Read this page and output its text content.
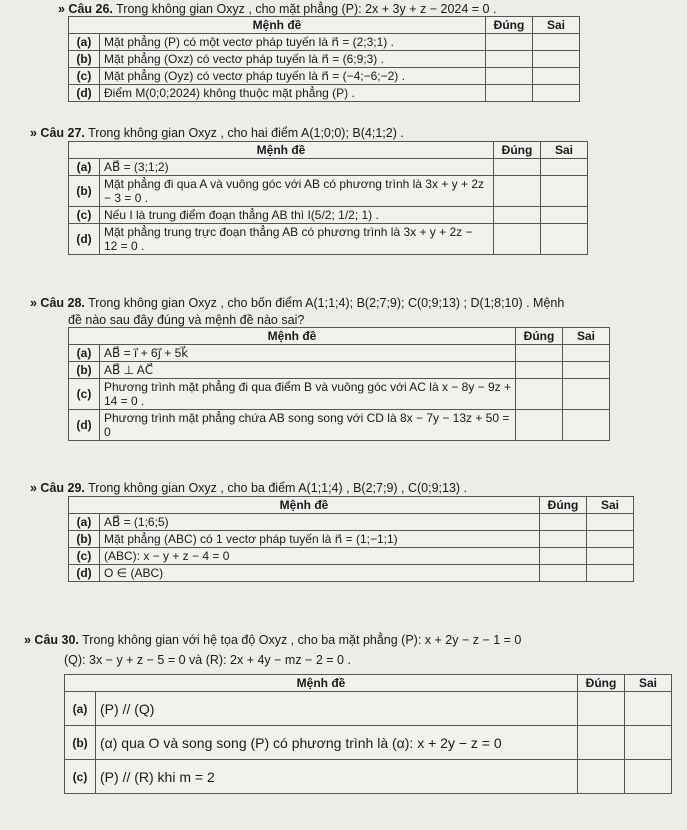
» Câu 26. Trong không gian Oxyz , cho mặt phẳng (P): 2x + 3y + z − 2024 = 0 .
Mệnh đề		Đúng	Sai
(a)	Mặt phẳng (P) có một vectơ pháp tuyến là n⃗ = (2;3;1) .		
(b)	Mặt phẳng (Oxz) có vectơ pháp tuyến là n⃗ = (6;9;3) .		
(c)	Mặt phẳng (Oyz) có vectơ pháp tuyến là n⃗ = (−4;−6;−2) .		
(d)	Điểm M(0;0;2024) không thuộc mặt phẳng (P) .		
» Câu 27. Trong không gian Oxyz , cho hai điểm A(1;0;0); B(4;1;2) .
Mệnh đề		Đúng	Sai
(a)	AB⃗ = (3;1;2)		
(b)	Mặt phẳng đi qua A và vuông góc với AB có phương trình là 3x + y + 2z − 3 = 0 .		
(c)	Nếu I là trung điểm đoạn thẳng AB thì I(5/2; 1/2; 1) .		
(d)	Mặt phẳng trung trực đoạn thẳng AB có phương trình là 3x + y + 2z − 12 = 0 .		
» Câu 28. Trong không gian Oxyz , cho bốn điểm A(1;1;4); B(2;7;9); C(0;9;13) ; D(1;8;10) . Mệnh
đề nào sau đây đúng và mệnh đề nào sai?
Mệnh đề		Đúng	Sai
(a)	AB⃗ = i⃗ + 6j⃗ + 5k⃗		
(b)	AB⃗ ⊥ AC⃗		
(c)	Phương trình mặt phẳng đi qua điểm B và vuông góc với AC là x − 8y − 9z + 14 = 0 .		
(d)	Phương trình mặt phẳng chứa AB song song với CD là 8x − 7y − 13z + 50 = 0		
» Câu 29. Trong không gian Oxyz , cho ba điểm A(1;1;4) , B(2;7;9) , C(0;9;13) .
Mệnh đề		Đúng	Sai
(a)	AB⃗ = (1;6;5)		
(b)	Mặt phẳng (ABC) có 1 vectơ pháp tuyến là n⃗ = (1;−1;1)		
(c)	(ABC): x − y + z − 4 = 0		
(d)	O ∈ (ABC)		
» Câu 30. Trong không gian với hệ tọa độ Oxyz , cho ba mặt phẳng (P): x + 2y − z − 1 = 0
(Q): 3x − y + z − 5 = 0 và (R): 2x + 4y − mz − 2 = 0 .
Mệnh đề		Đúng	Sai
(a)	(P) // (Q)		
(b)	(α) qua O và song song (P) có phương trình là (α): x + 2y − z = 0		
(c)	(P) // (R) khi m = 2		
